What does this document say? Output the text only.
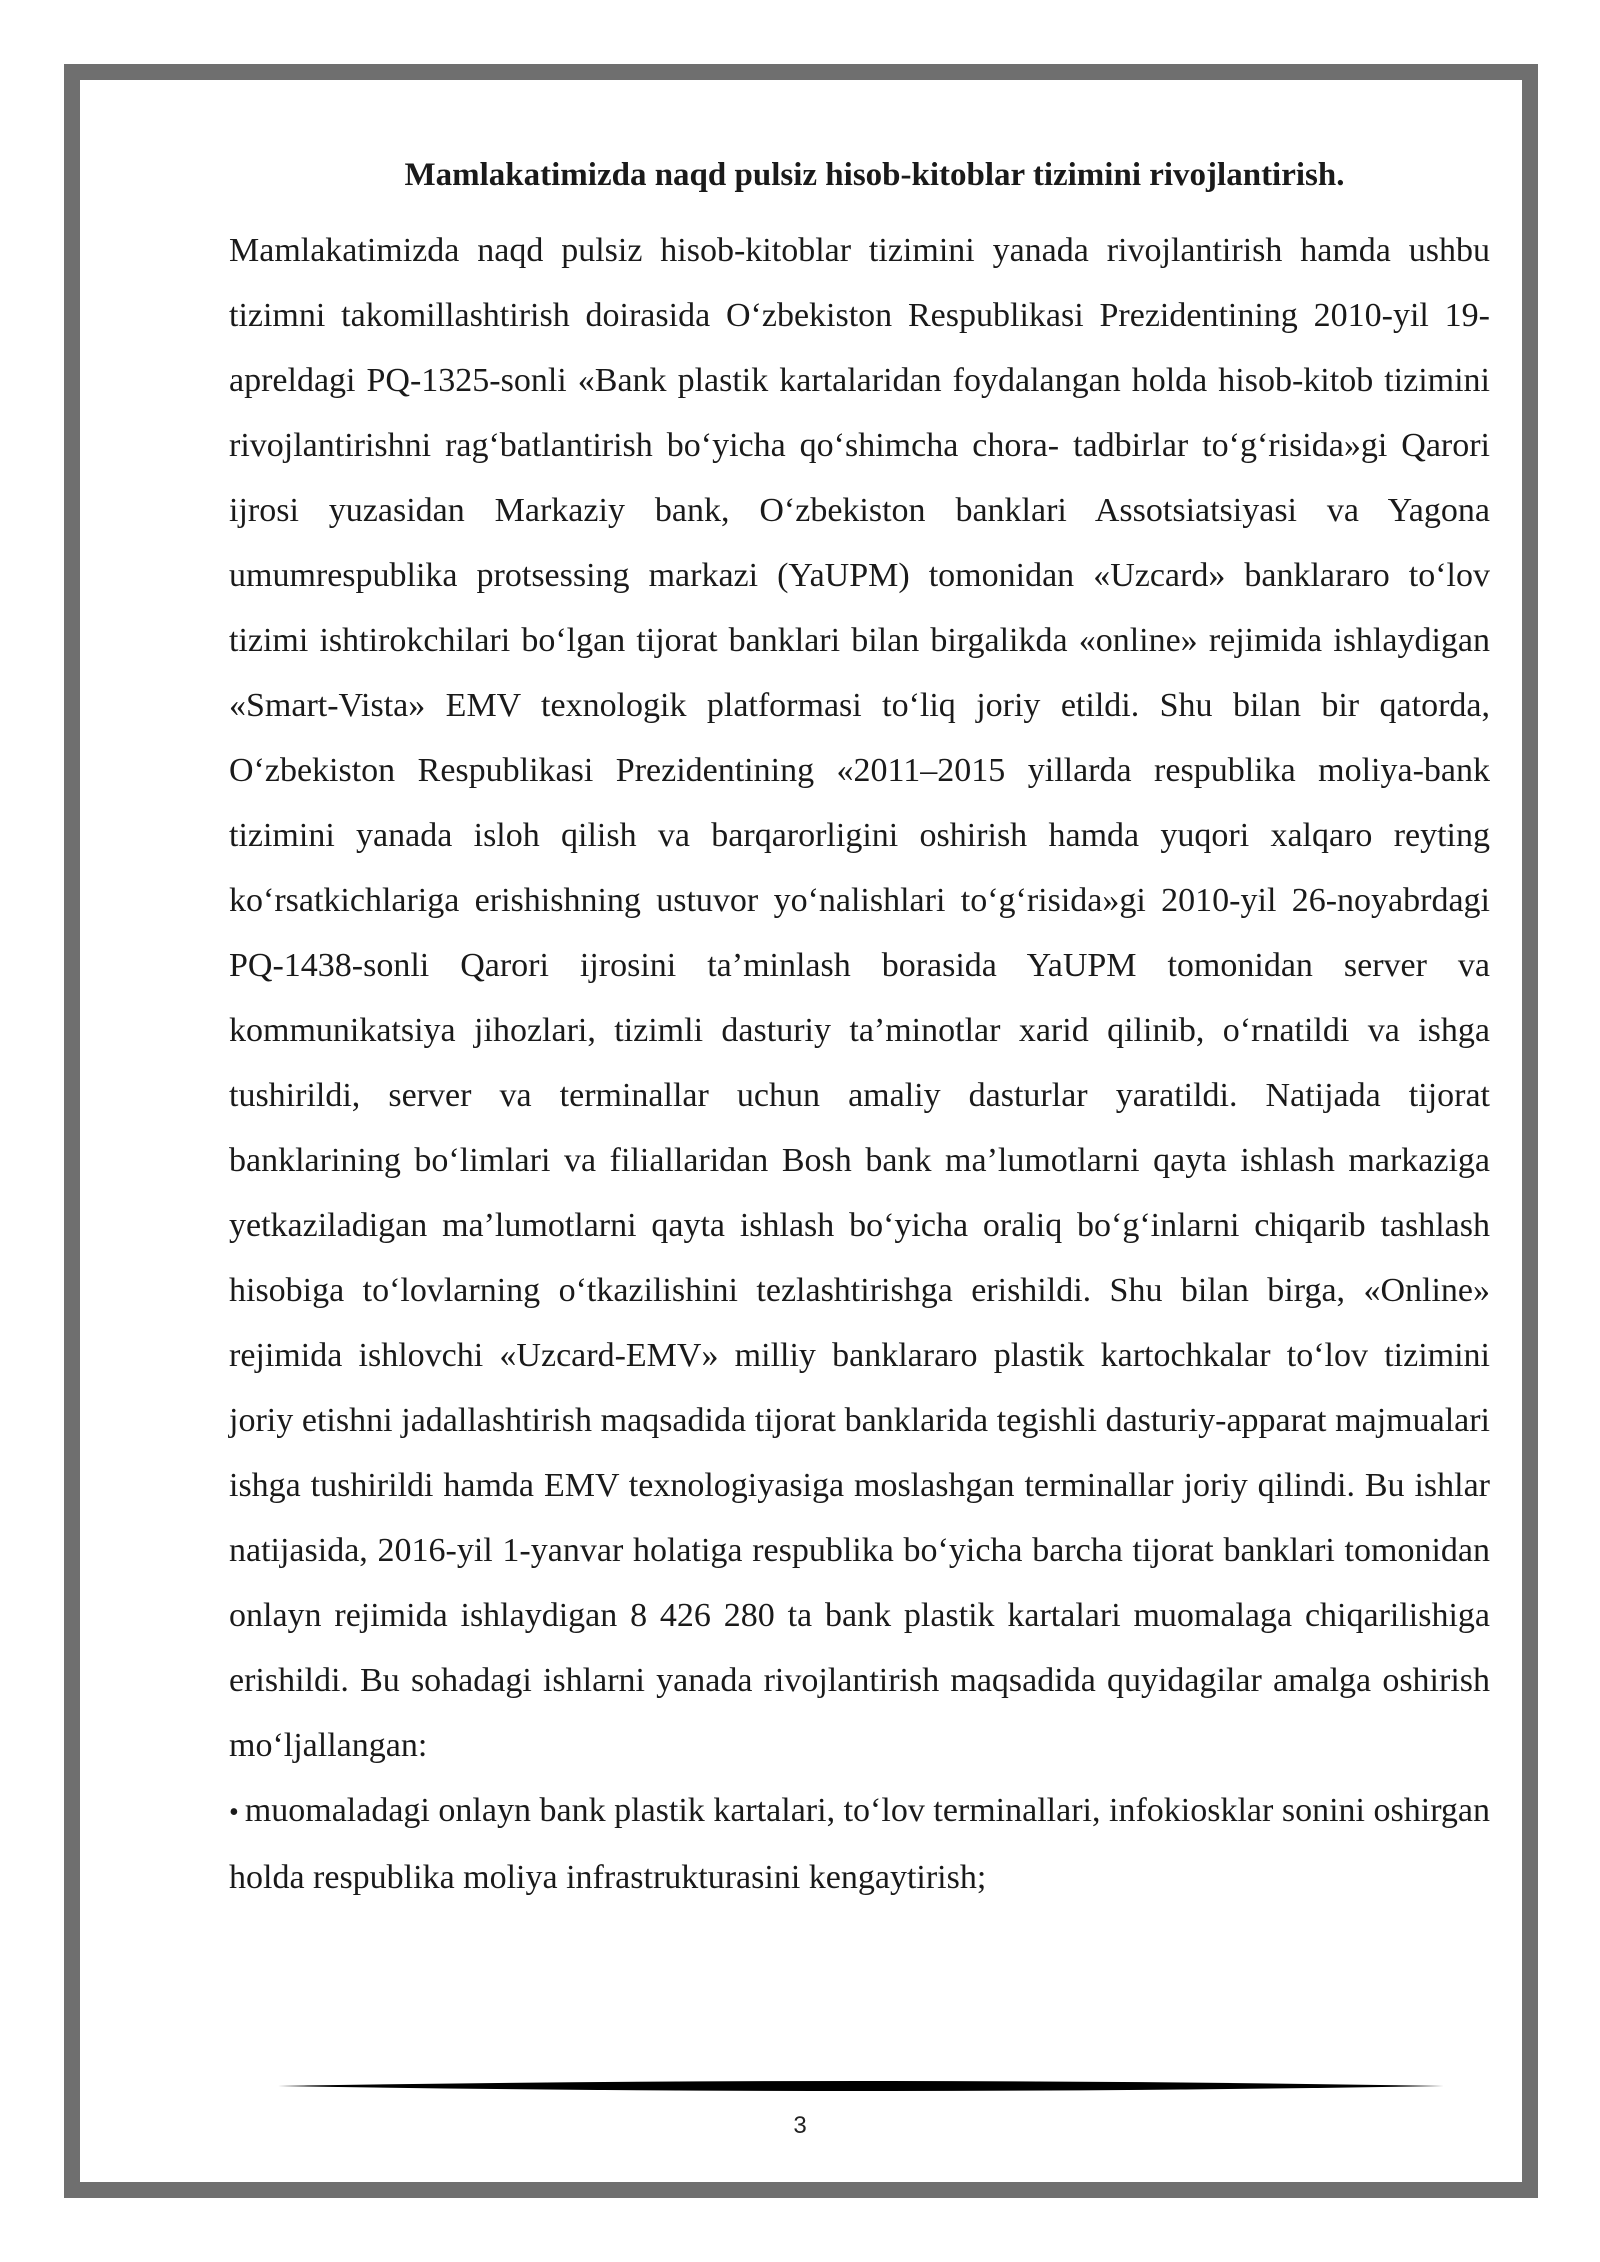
Mamlakatimizda naqd pulsiz hisob-kitoblar tizimini rivojlantirish.

Mamlakatimizda naqd pulsiz hisob-kitoblar tizimini yanada rivojlantirish hamda ushbu tizimni takomillashtirish doirasida O‘zbekiston Respublikasi Prezidentining 2010-yil 19- apreldagi PQ-1325-sonli «Bank plastik kartalaridan foydalangan holda hisob-kitob tizimini rivojlantirishni rag‘batlantirish bo‘yicha qo‘shimcha chora- tadbirlar to‘g‘risida»gi Qarori ijrosi yuzasidan Markaziy bank, O‘zbekiston banklari Assotsiatsiyasi va Yagona umumrespublika protsessing markazi (YaUPM) tomonidan «Uzcard» banklararo to‘lov tizimi ishtirokchilari bo‘lgan tijorat banklari bilan birgalikda «online» rejimida ishlaydigan «Smart-Vista» EMV texnologik platformasi to‘liq joriy etildi. Shu bilan bir qatorda, O‘zbekiston Respublikasi Prezidentining «2011–2015 yillarda respublika moliya-bank tizimini yanada isloh qilish va barqarorligini oshirish hamda yuqori xalqaro reyting ko‘rsatkichlariga erishishning ustuvor yo‘nalishlari to‘g‘risida»gi 2010-yil 26-noyabrdagi PQ-1438-sonli Qarori ijrosini ta’minlash borasida YaUPM tomonidan server va kommunikatsiya jihozlari, tizimli dasturiy ta’minotlar xarid qilinib, o‘rnatildi va ishga tushirildi, server va terminallar uchun amaliy dasturlar yaratildi. Natijada tijorat banklarining bo‘limlari va filiallaridan Bosh bank ma’lumotlarni qayta ishlash markaziga yetkaziladigan ma’lumotlarni qayta ishlash bo‘yicha oraliq bo‘g‘inlarni chiqarib tashlash hisobiga to‘lovlarning o‘tkazilishini tezlashtirishga erishildi. Shu bilan birga, «Online» rejimida ishlovchi «Uzcard-EMV» milliy banklararo plastik kartochkalar to‘lov tizimini joriy etishni jadallashtirish maqsadida tijorat banklarida tegishli dasturiy-apparat majmualari ishga tushirildi hamda EMV texnologiyasiga moslashgan terminallar joriy qilindi. Bu ishlar natijasida, 2016-yil 1-yanvar holatiga respublika bo‘yicha barcha tijorat banklari tomonidan onlayn rejimida ishlaydigan 8 426 280 ta bank plastik kartalari muomalaga chiqarilishiga erishildi. Bu sohadagi ishlarni yanada rivojlantirish maqsadida quyidagilar amalga oshirish mo‘ljallangan:

• muomaladagi onlayn bank plastik kartalari, to‘lov terminallari, infokiosklar sonini oshirgan holda respublika moliya infrastrukturasini kengaytirish;

3
